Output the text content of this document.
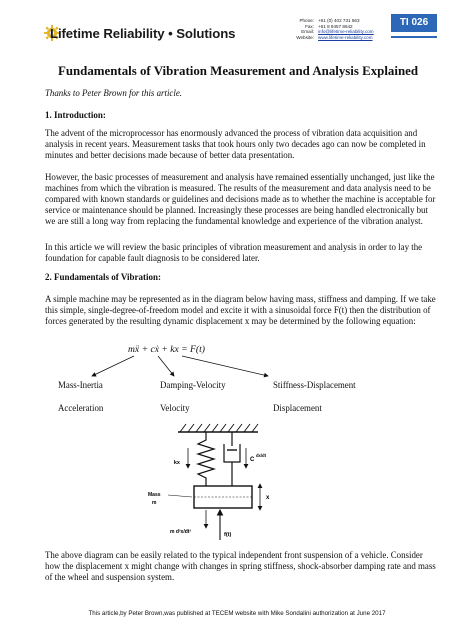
Lifetime Reliability • Solutions
Phone: +61 (0) 402 731 563
Fax: +61 8 9457 8642
Email: info@lifetime-reliability.com
Website: www.lifetime-reliability.com
TI 026
Fundamentals of Vibration Measurement and Analysis Explained
Thanks to Peter Brown for this article.
1. Introduction:
The advent of the microprocessor has enormously advanced the process of vibration data acquisition and analysis in recent years. Measurement tasks that took hours only two decades ago can now be completed in minutes and better decisions made because of better data presentation.
However, the basic processes of measurement and analysis have remained essentially unchanged, just like the machines from which the vibration is measured. The results of the measurement and data analysis need to be compared with known standards or guidelines and decisions made as to whether the machine is acceptable for service or maintenance should be planned. Increasingly these processes are being handled electronically but we are still a long way from replacing the fundamental knowledge and experience of the vibration analyst.
In this article we will review the basic principles of vibration measurement and analysis in order to lay the foundation for capable fault diagnosis to be considered later.
2. Fundamentals of Vibration:
A simple machine may be represented as in the diagram below having mass, stiffness and damping. If we take this simple, single-degree-of-freedom model and excite it with a sinusoidal force F(t) then the distribution of forces generated by the resulting dynamic displacement x may be determined by the following equation:
mẍ + cẋ + kx = F(t)
Mass-Inertia	Damping-Velocity	Stiffness-Displacement
Acceleration	Velocity	Displacement
kx	C
dx/dt
Mass
m
x
m d²x/dt²	f(t)
The above diagram can be easily related to the typical independent front suspension of a vehicle. Consider how the displacement x might change with changes in spring stiffness, shock-absorber damping rate and mass of the wheel and suspension system.
This article,by Peter Brown,was published at TECEM website with Mike Sondalini authorization at June 2017
